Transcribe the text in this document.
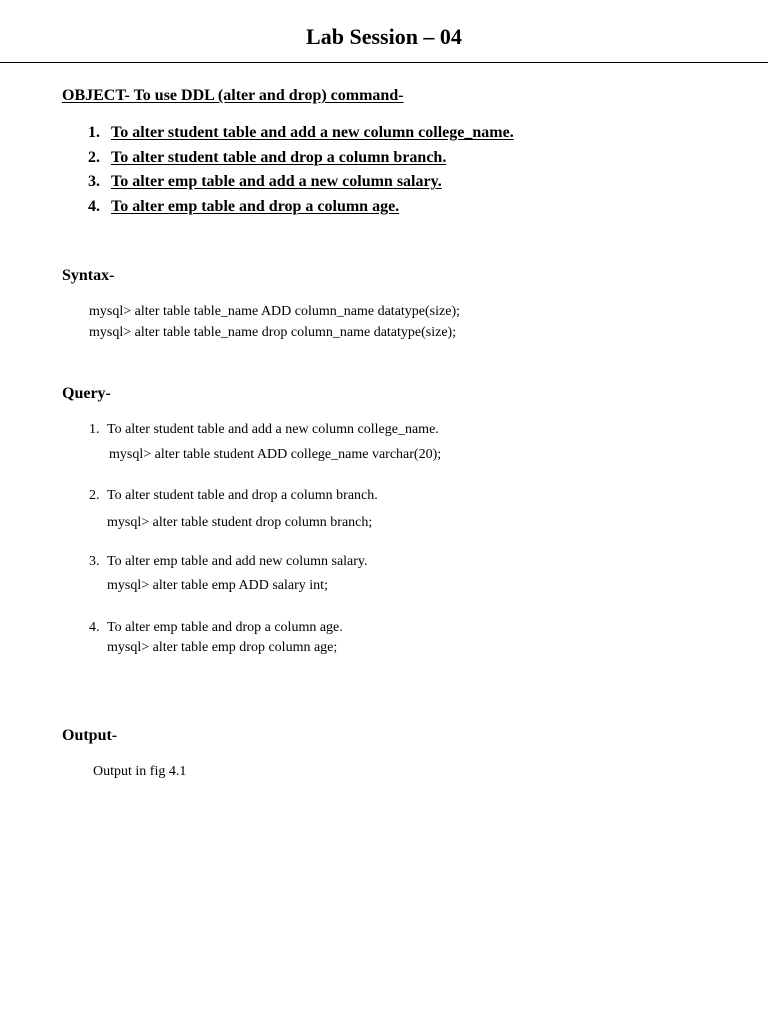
Lab Session – 04
OBJECT- To use DDL (alter and drop) command-
1. To alter student table and add a new column college_name.
2. To alter student table and drop a column branch.
3. To alter emp table and add a new column salary.
4. To alter emp table and drop a column age.
Syntax-
mysql> alter table table_name ADD column_name datatype(size);
mysql> alter table table_name drop column_name datatype(size);
Query-
1. To alter student table and add a new column college_name.
mysql> alter table student ADD college_name varchar(20);
2. To alter student table and drop a column branch.
mysql> alter table student drop column branch;
3. To alter emp table and add new column salary.
mysql> alter table emp ADD salary int;
4. To alter emp table and drop a column age.
mysql> alter table emp drop column age;
Output-
Output in fig 4.1
